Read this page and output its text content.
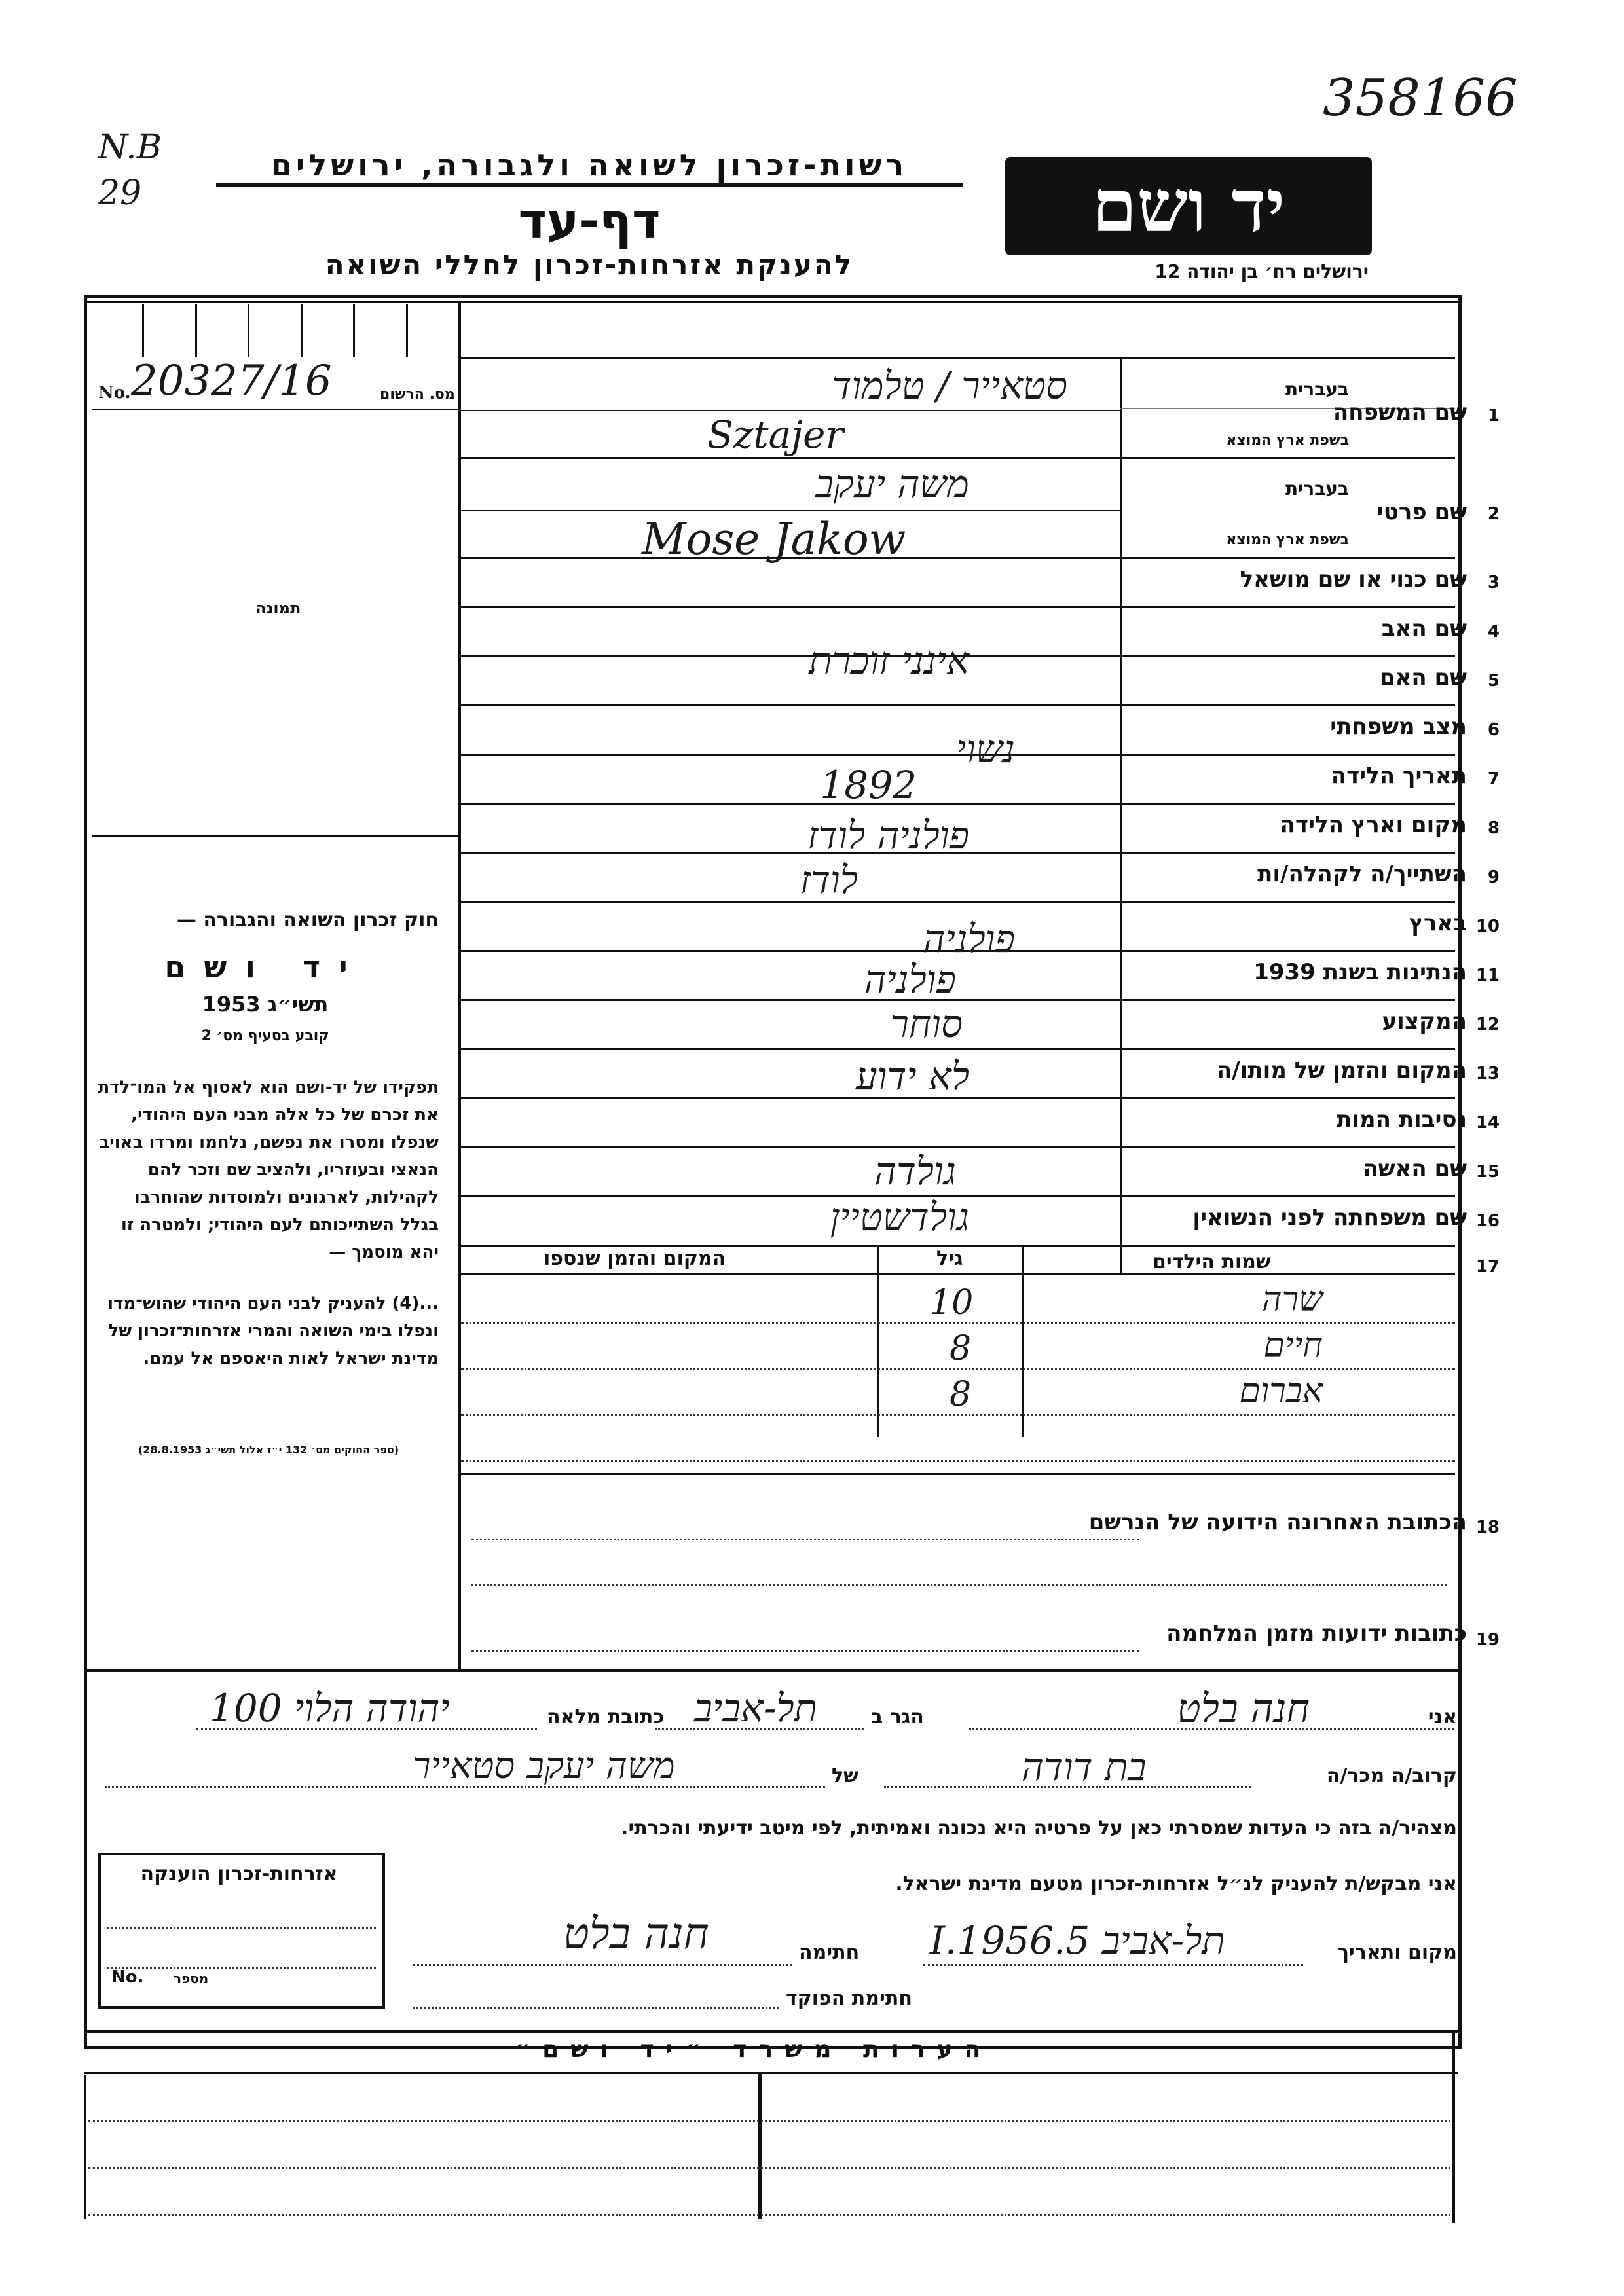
358166
N.B 29
רשות-זכרון לשואה ולגבורה, ירושלים
דף-עד
להענקת אזרחות-זכרון לחללי השואה
יד ושם
ירושלים רח׳ בן יהודה 12
No. 20327/16	מס. הרשום
תמונה
חוק זכרון השואה והגבורה —
יד ושם
תשי״ג 1953
קובע בסעיף מס׳ 2
תפקידו של יד-ושם הוא לאסוף אל המו־לדת את זכרם של כל אלה מבני העם היהודי, שנפלו ומסרו את נפשם, נלחמו ומרדו באויב הנאצי ובעוזריו, ולהציב שם וזכר להם לקהילות, לארגונים ולמוסדות שהוחרבו בגלל השתייכותם לעם היהודי; ולמטרה זו יהא מוסמך —
...(4) להעניק לבני העם היהודי שהוש־מדו ונפלו בימי השואה והמרי אזרחות־זכרון של מדינת ישראל לאות היאספם אל עמם.
(ספר החוקים מס׳ 132 י״ז אלול תשי״ג 28.8.1953)
1
שם המשפחה
בעברית
בשפת ארץ המוצא
סטאייר / טלמוד
Sztajer
2
שם פרטי
בעברית
בשפת ארץ המוצא
משה יעקב
Mose Jakow
3
שם כנוי או שם מושאל
4
שם האב
5
שם האם
אינני זוכרת
6
מצב משפחתי
נשוי
7
תאריך הלידה
1892
8
מקום וארץ הלידה
פולניה לודז
9
השתייך/ה לקהלה/ות
לודז
10
בארץ
פולניה
11
הנתינות בשנת 1939
פולניה
12
המקצוע
סוחר
13
המקום והזמן של מותו/ה
לא ידוע
14
נסיבות המות
15
שם האשה
גולדה
16
שם משפחתה לפני הנשואין
גולדשטיין
17
שמות הילדים
גיל
המקום והזמן שנספו
שרה
10
חיים
8
אברום
8
18
הכתובת האחרונה הידועה של הנרשם
19
כתובות ידועות מזמן המלחמה
אני
חנה בלט
הגר ב
תל-אביב
כתובת מלאה
יהודה הלוי 100
קרוב/ה מכר/ה
בת דודה
של
משה יעקב סטאייר
מצהיר/ה בזה כי העדות שמסרתי כאן על פרטיה היא נכונה ואמיתית, לפי מיטב ידיעתי והכרתי.
אני מבקש/ת להעניק לנ״ל אזרחות-זכרון מטעם מדינת ישראל.
מקום ותאריך
תל-אביב 5.I.1956
חתימה
חנה בלט
חתימת הפוקד
אזרחות-זכרון הוענקה
No. מספר
הערות משרד ״יד ושם״
